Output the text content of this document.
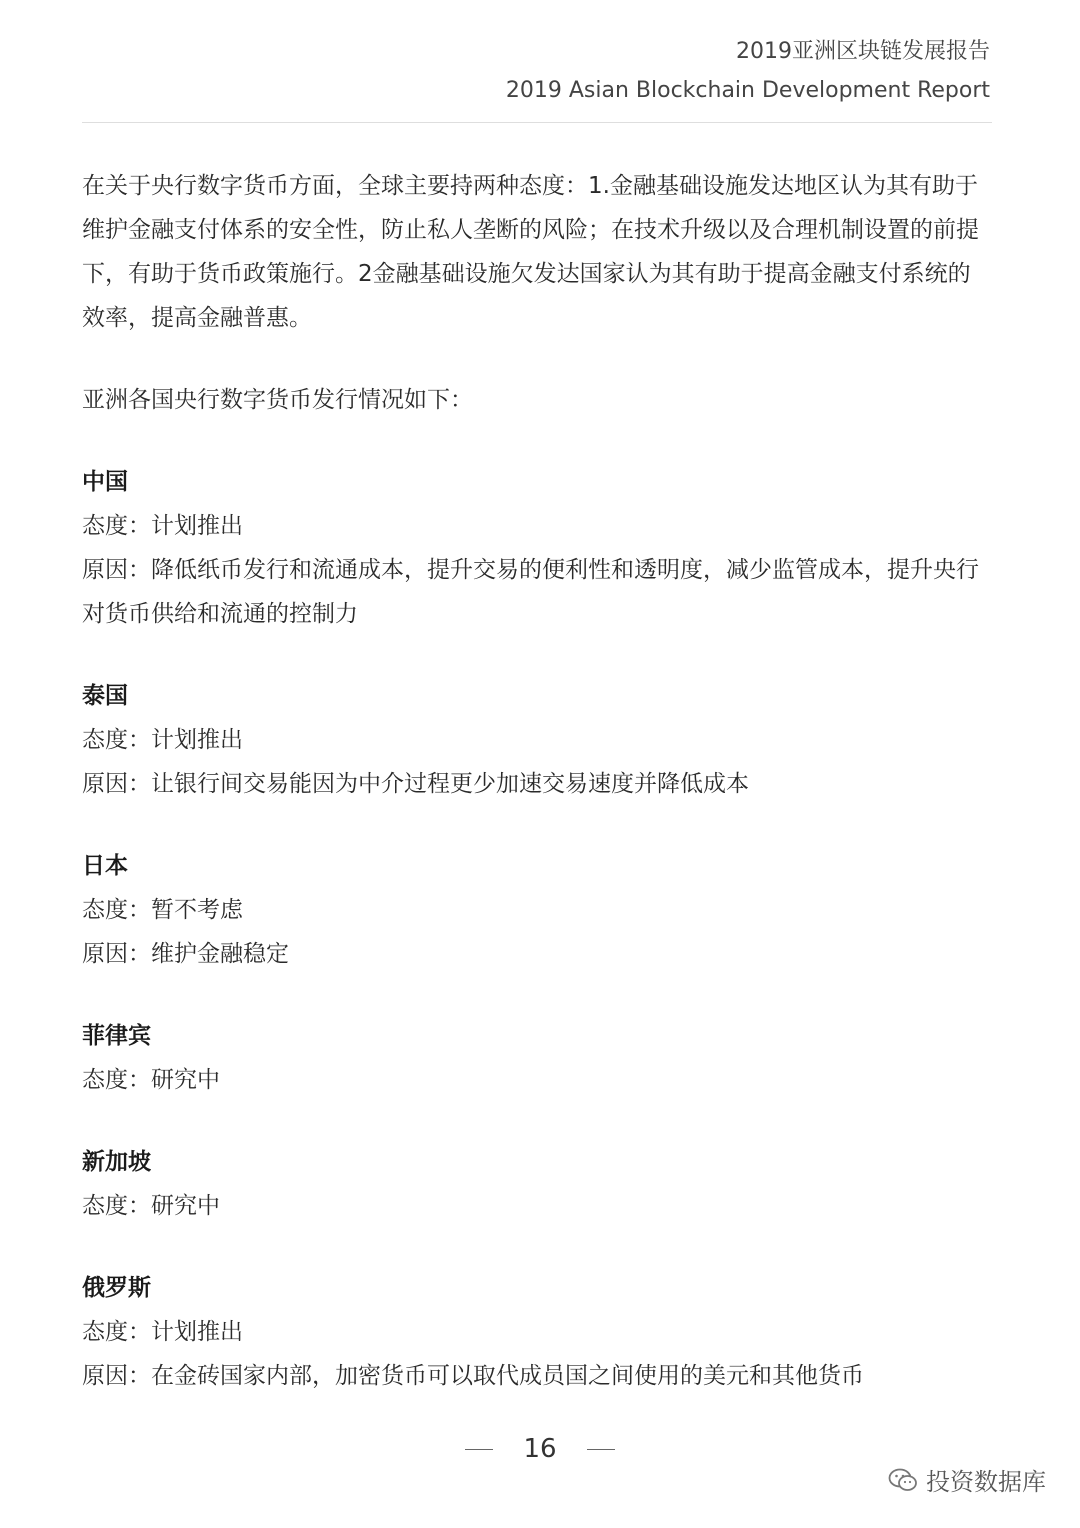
2019亚洲区块链发展报告
2019 Asian Blockchain Development Report

在关于央行数字货币方面，全球主要持两种态度：1.金融基础设施发达地区认为其有助于维护金融支付体系的安全性，防止私人垄断的风险；在技术升级以及合理机制设置的前提下，有助于货币政策施行。2金融基础设施欠发达国家认为其有助于提高金融支付系统的效率，提高金融普惠。

亚洲各国央行数字货币发行情况如下：

中国
态度：计划推出
原因：降低纸币发行和流通成本，提升交易的便利性和透明度，减少监管成本，提升央行对货币供给和流通的控制力
泰国
态度：计划推出
原因：让银行间交易能因为中介过程更少加速交易速度并降低成本
日本
态度：暂不考虑
原因：维护金融稳定
菲律宾
态度：研究中
新加坡
态度：研究中
俄罗斯
态度：计划推出
原因：在金砖国家内部，加密货币可以取代成员国之间使用的美元和其他货币
16
投资数据库
